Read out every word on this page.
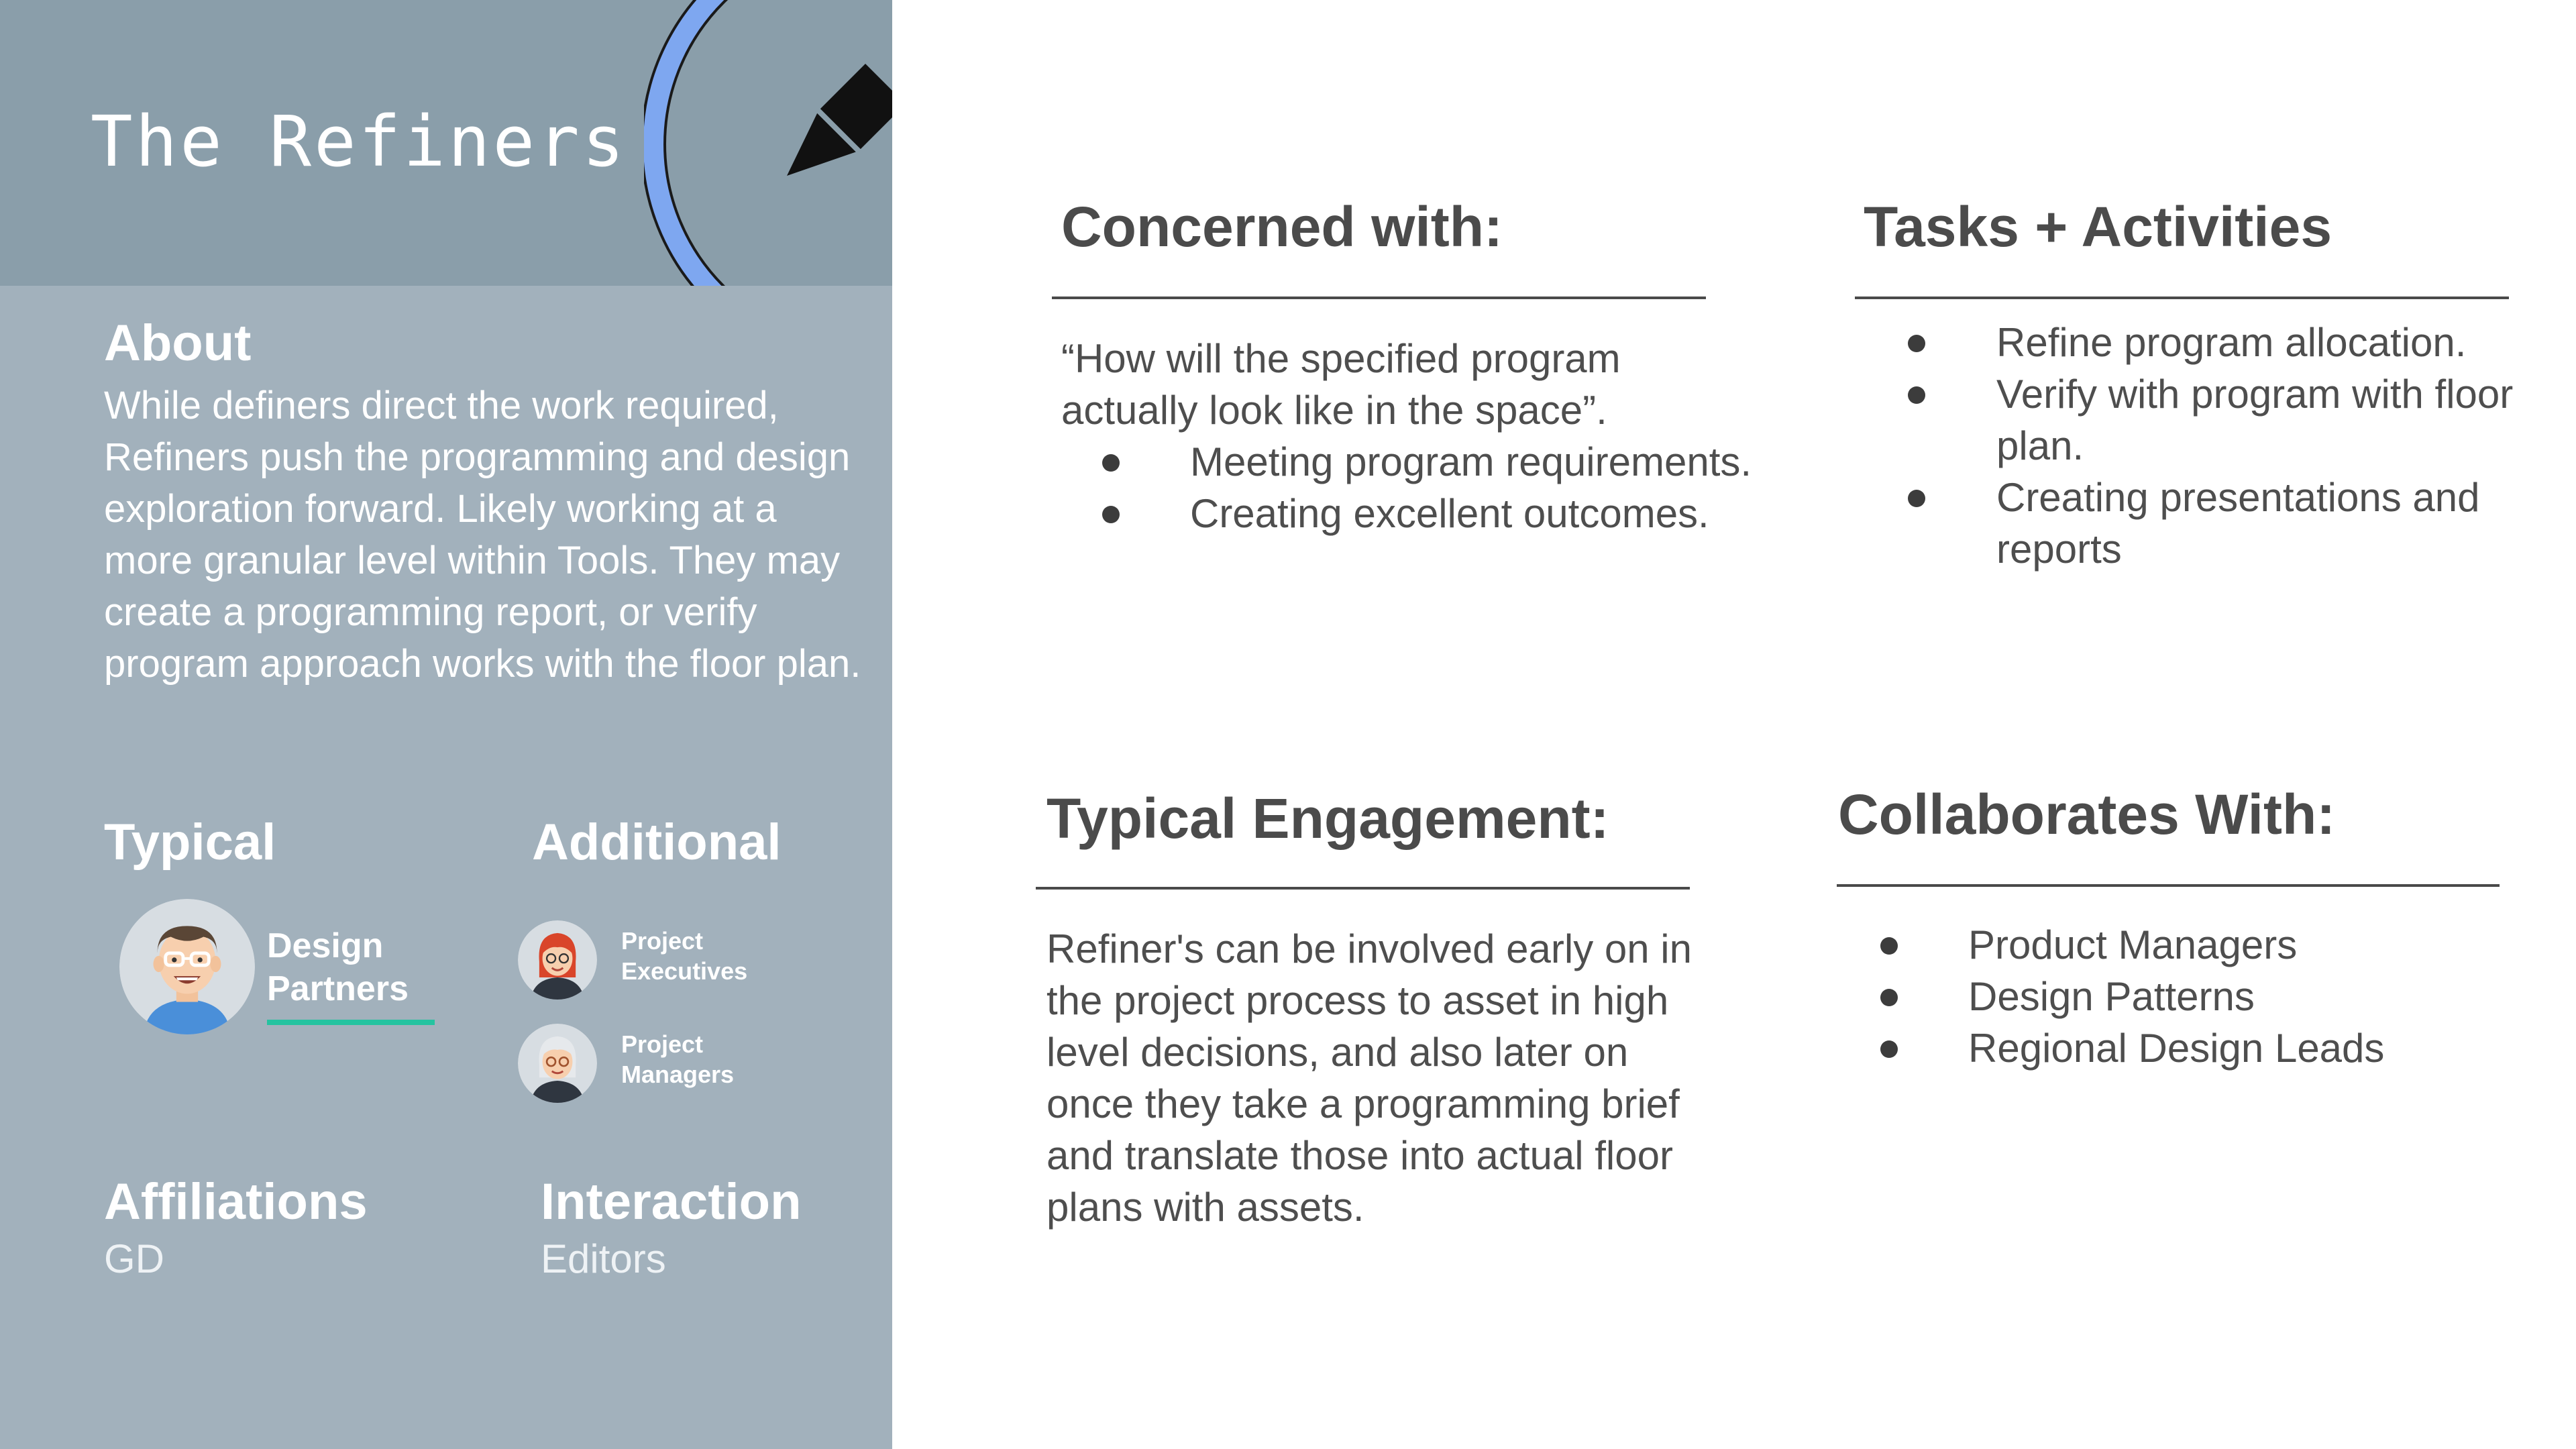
The Refiners
About
While definers direct the work required, Refiners push the programming and design exploration forward. Likely working at a more granular level within Tools. They may create a programming report, or verify program approach works with the floor plan.
Typical
Design
Partners
Additional
Project
Executives
Project
Managers
Affiliations
GD
Interaction
Editors
Concerned with:

“How will the specified program actually look like in the space”.

Meeting program requirements.
Creating excellent outcomes.
Tasks + Activities
Refine program allocation.
Verify with program with floor plan.
Creating presentations and reports
Typical Engagement:

Refiner's can be involved early on in the project process to asset in high level decisions, and also later on once they take a programming brief and translate those into actual floor plans with assets.

Collaborates With:
Product Managers
Design Patterns
Regional Design Leads
